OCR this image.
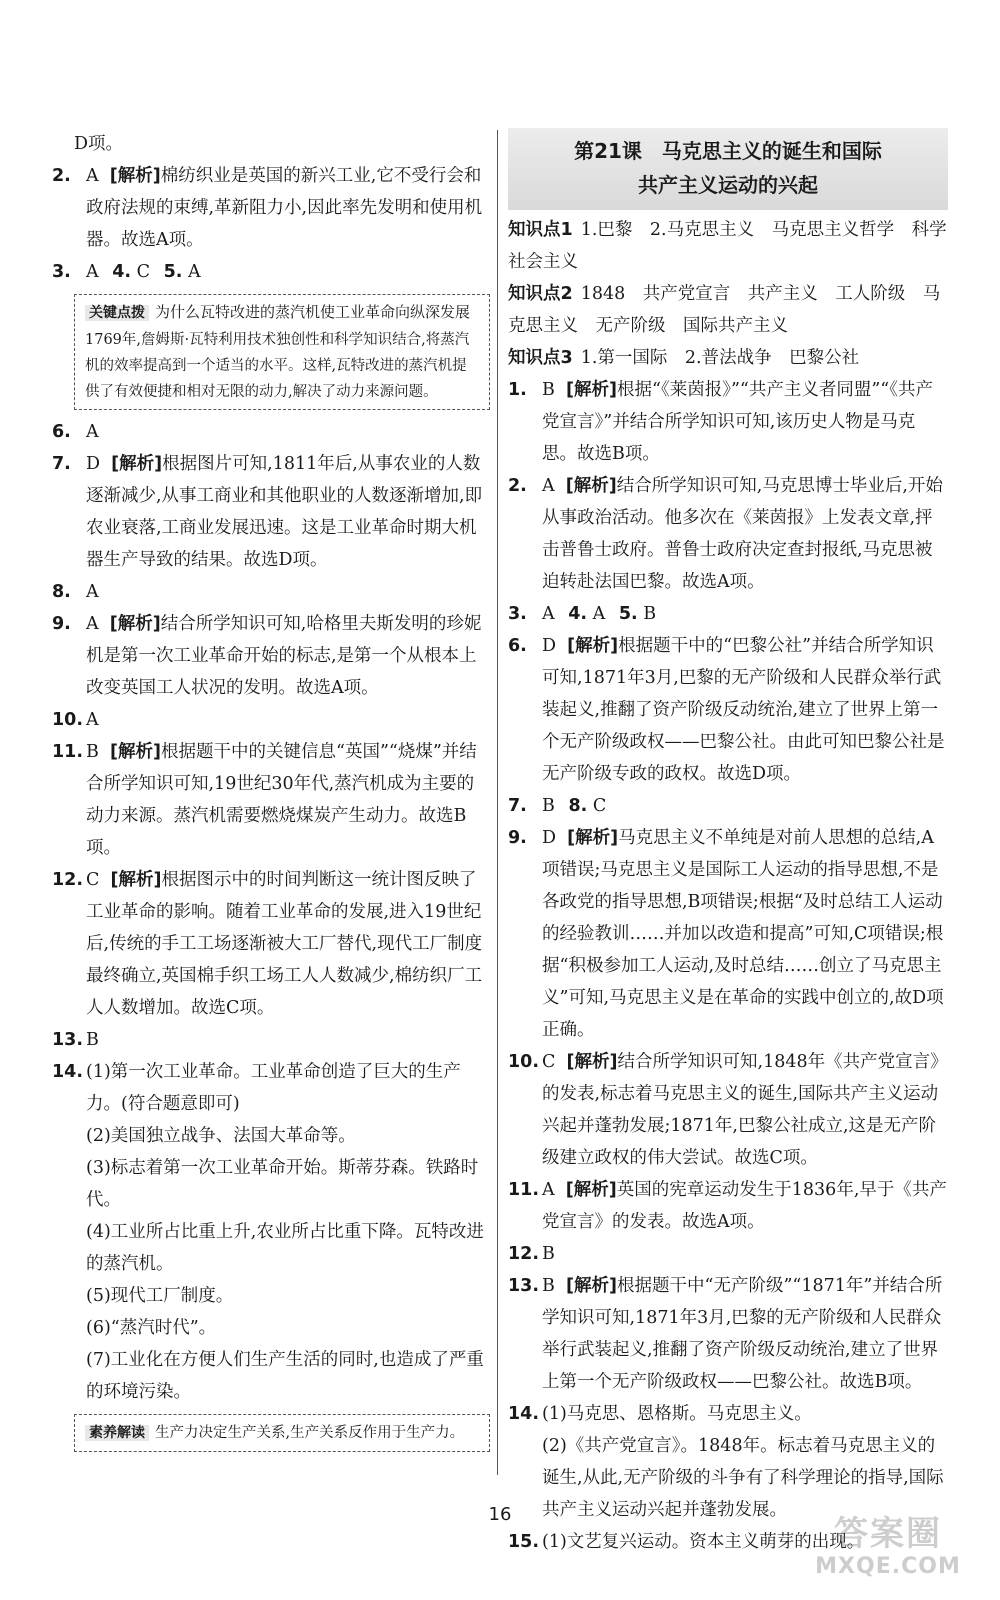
D项。
2. A [解析]棉纺织业是英国的新兴工业,它不受行会和政府法规的束缚,革新阻力小,因此率先发明和使用机器。故选A项。
3. A 4. C 5. A
关键点拨 为什么瓦特改进的蒸汽机使工业革命向纵深发展
1769年,詹姆斯·瓦特利用技术独创性和科学知识结合,将蒸汽机的效率提高到一个适当的水平。这样,瓦特改进的蒸汽机提供了有效便捷和相对无限的动力,解决了动力来源问题。
6. A
7. D [解析]根据图片可知,1811年后,从事农业的人数逐渐减少,从事工商业和其他职业的人数逐渐增加,即农业衰落,工商业发展迅速。这是工业革命时期大机器生产导致的结果。故选D项。
8. A
9. A [解析]结合所学知识可知,哈格里夫斯发明的珍妮机是第一次工业革命开始的标志,是第一个从根本上改变英国工人状况的发明。故选A项。
10. A
11. B [解析]根据题干中的关键信息“英国”“烧煤”并结合所学知识可知,19世纪30年代,蒸汽机成为主要的动力来源。蒸汽机需要燃烧煤炭产生动力。故选B项。
12. C [解析]根据图示中的时间判断这一统计图反映了工业革命的影响。随着工业革命的发展,进入19世纪后,传统的手工工场逐渐被大工厂替代,现代工厂制度最终确立,英国棉手织工场工人人数减少,棉纺织厂工人人数增加。故选C项。
13. B
14. (1)第一次工业革命。工业革命创造了巨大的生产力。(符合题意即可)
(2)美国独立战争、法国大革命等。
(3)标志着第一次工业革命开始。斯蒂芬森。铁路时代。
(4)工业所占比重上升,农业所占比重下降。瓦特改进的蒸汽机。
(5)现代工厂制度。
(6)“蒸汽时代”。
(7)工业化在方便人们生产生活的同时,也造成了严重的环境污染。
素养解读 生产力决定生产关系,生产关系反作用于生产力。
第21课　马克思主义的诞生和国际
共产主义运动的兴起
知识点1 1.巴黎　2.马克思主义　马克思主义哲学　科学社会主义
知识点2 1848　共产党宣言　共产主义　工人阶级　马克思主义　无产阶级　国际共产主义
知识点3 1.第一国际　2.普法战争　巴黎公社
1. B [解析]根据“《莱茵报》”“共产主义者同盟”“《共产党宣言》”并结合所学知识可知,该历史人物是马克思。故选B项。
2. A [解析]结合所学知识可知,马克思博士毕业后,开始从事政治活动。他多次在《莱茵报》上发表文章,抨击普鲁士政府。普鲁士政府决定查封报纸,马克思被迫转赴法国巴黎。故选A项。
3. A 4. A 5. B
6. D [解析]根据题干中的“巴黎公社”并结合所学知识可知,1871年3月,巴黎的无产阶级和人民群众举行武装起义,推翻了资产阶级反动统治,建立了世界上第一个无产阶级政权——巴黎公社。由此可知巴黎公社是无产阶级专政的政权。故选D项。
7. B 8. C
9. D [解析]马克思主义不单纯是对前人思想的总结,A项错误;马克思主义是国际工人运动的指导思想,不是各政党的指导思想,B项错误;根据“及时总结工人运动的经验教训……并加以改造和提高”可知,C项错误;根据“积极参加工人运动,及时总结……创立了马克思主义”可知,马克思主义是在革命的实践中创立的,故D项正确。
10. C [解析]结合所学知识可知,1848年《共产党宣言》的发表,标志着马克思主义的诞生,国际共产主义运动兴起并蓬勃发展;1871年,巴黎公社成立,这是无产阶级建立政权的伟大尝试。故选C项。
11. A [解析]英国的宪章运动发生于1836年,早于《共产党宣言》的发表。故选A项。
12. B
13. B [解析]根据题干中“无产阶级”“1871年”并结合所学知识可知,1871年3月,巴黎的无产阶级和人民群众举行武装起义,推翻了资产阶级反动统治,建立了世界上第一个无产阶级政权——巴黎公社。故选B项。
14. (1)马克思、恩格斯。马克思主义。
(2)《共产党宣言》。1848年。标志着马克思主义的诞生,从此,无产阶级的斗争有了科学理论的指导,国际共产主义运动兴起并蓬勃发展。
15. (1)文艺复兴运动。资本主义萌芽的出现。
16	答案圈
MXQE.COM
